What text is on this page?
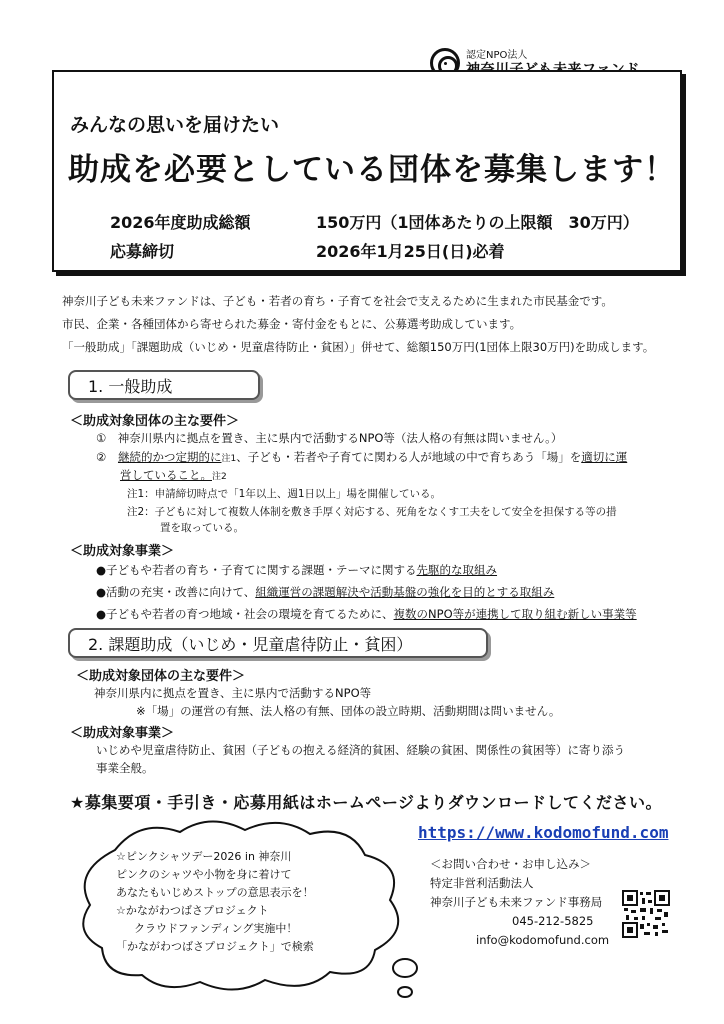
認定NPO法人
みんなの思いを届けたい
助成を必要としている団体を募集します！
2026年度助成総額	150万円（1団体あたりの上限額　30万円）
応募締切	2026年1月25日(日)必着

神奈川子ども未来ファンドは、子ども・若者の育ち・子育てを社会で支えるために生まれた市民基金です。

市民、企業・各種団体から寄せられた募金・寄付金をもとに、公募選考助成しています。

「一般助成」「課題助成（いじめ・児童虐待防止・貧困）」併せて、総額150万円(1団体上限30万円)を助成します。

1. 一般助成
＜助成対象団体の主な要件＞
①　神奈川県内に拠点を置き、主に県内で活動するNPO等（法人格の有無は問いません。）
② 継続的かつ定期的に注1、子ども・若者や子育てに関わる人が地域の中で育ちあう「場」を適切に運
営していること。注2
注1：申請締切時点で「1年以上、週1日以上」場を開催している。
注2：子どもに対して複数人体制を敷き手厚く対応する、死角をなくす工夫をして安全を担保する等の措
置を取っている。
＜助成対象事業＞
●子どもや若者の育ち・子育てに関する課題・テーマに関する先駆的な取組み
●活動の充実・改善に向けて、組織運営の課題解決や活動基盤の強化を目的とする取組み
●子どもや若者の育つ地域・社会の環境を育てるために、複数のNPO等が連携して取り組む新しい事業等
2. 課題助成（いじめ・児童虐待防止・貧困）
＜助成対象団体の主な要件＞
神奈川県内に拠点を置き、主に県内で活動するNPO等
※「場」の運営の有無、法人格の有無、団体の設立時期、活動期間は問いません。
＜助成対象事業＞
いじめや児童虐待防止、貧困（子どもの抱える経済的貧困、経験の貧困、関係性の貧困等）に寄り添う
事業全般。
★募集要項・手引き・応募用紙はホームページよりダウンロードしてください。
https://www.kodomofund.com
☆ピンクシャツデー2026 in 神奈川
ピンクのシャツや小物を身に着けて
あなたもいじめストップの意思表示を！
☆かながわつばさプロジェクト
クラウドファンディング実施中！
「かながわつばさプロジェクト」で検索
＜お問い合わせ・お申し込み＞
特定非営利活動法人
神奈川子ども未来ファンド事務局
045-212-5825
info@kodomofund.com
